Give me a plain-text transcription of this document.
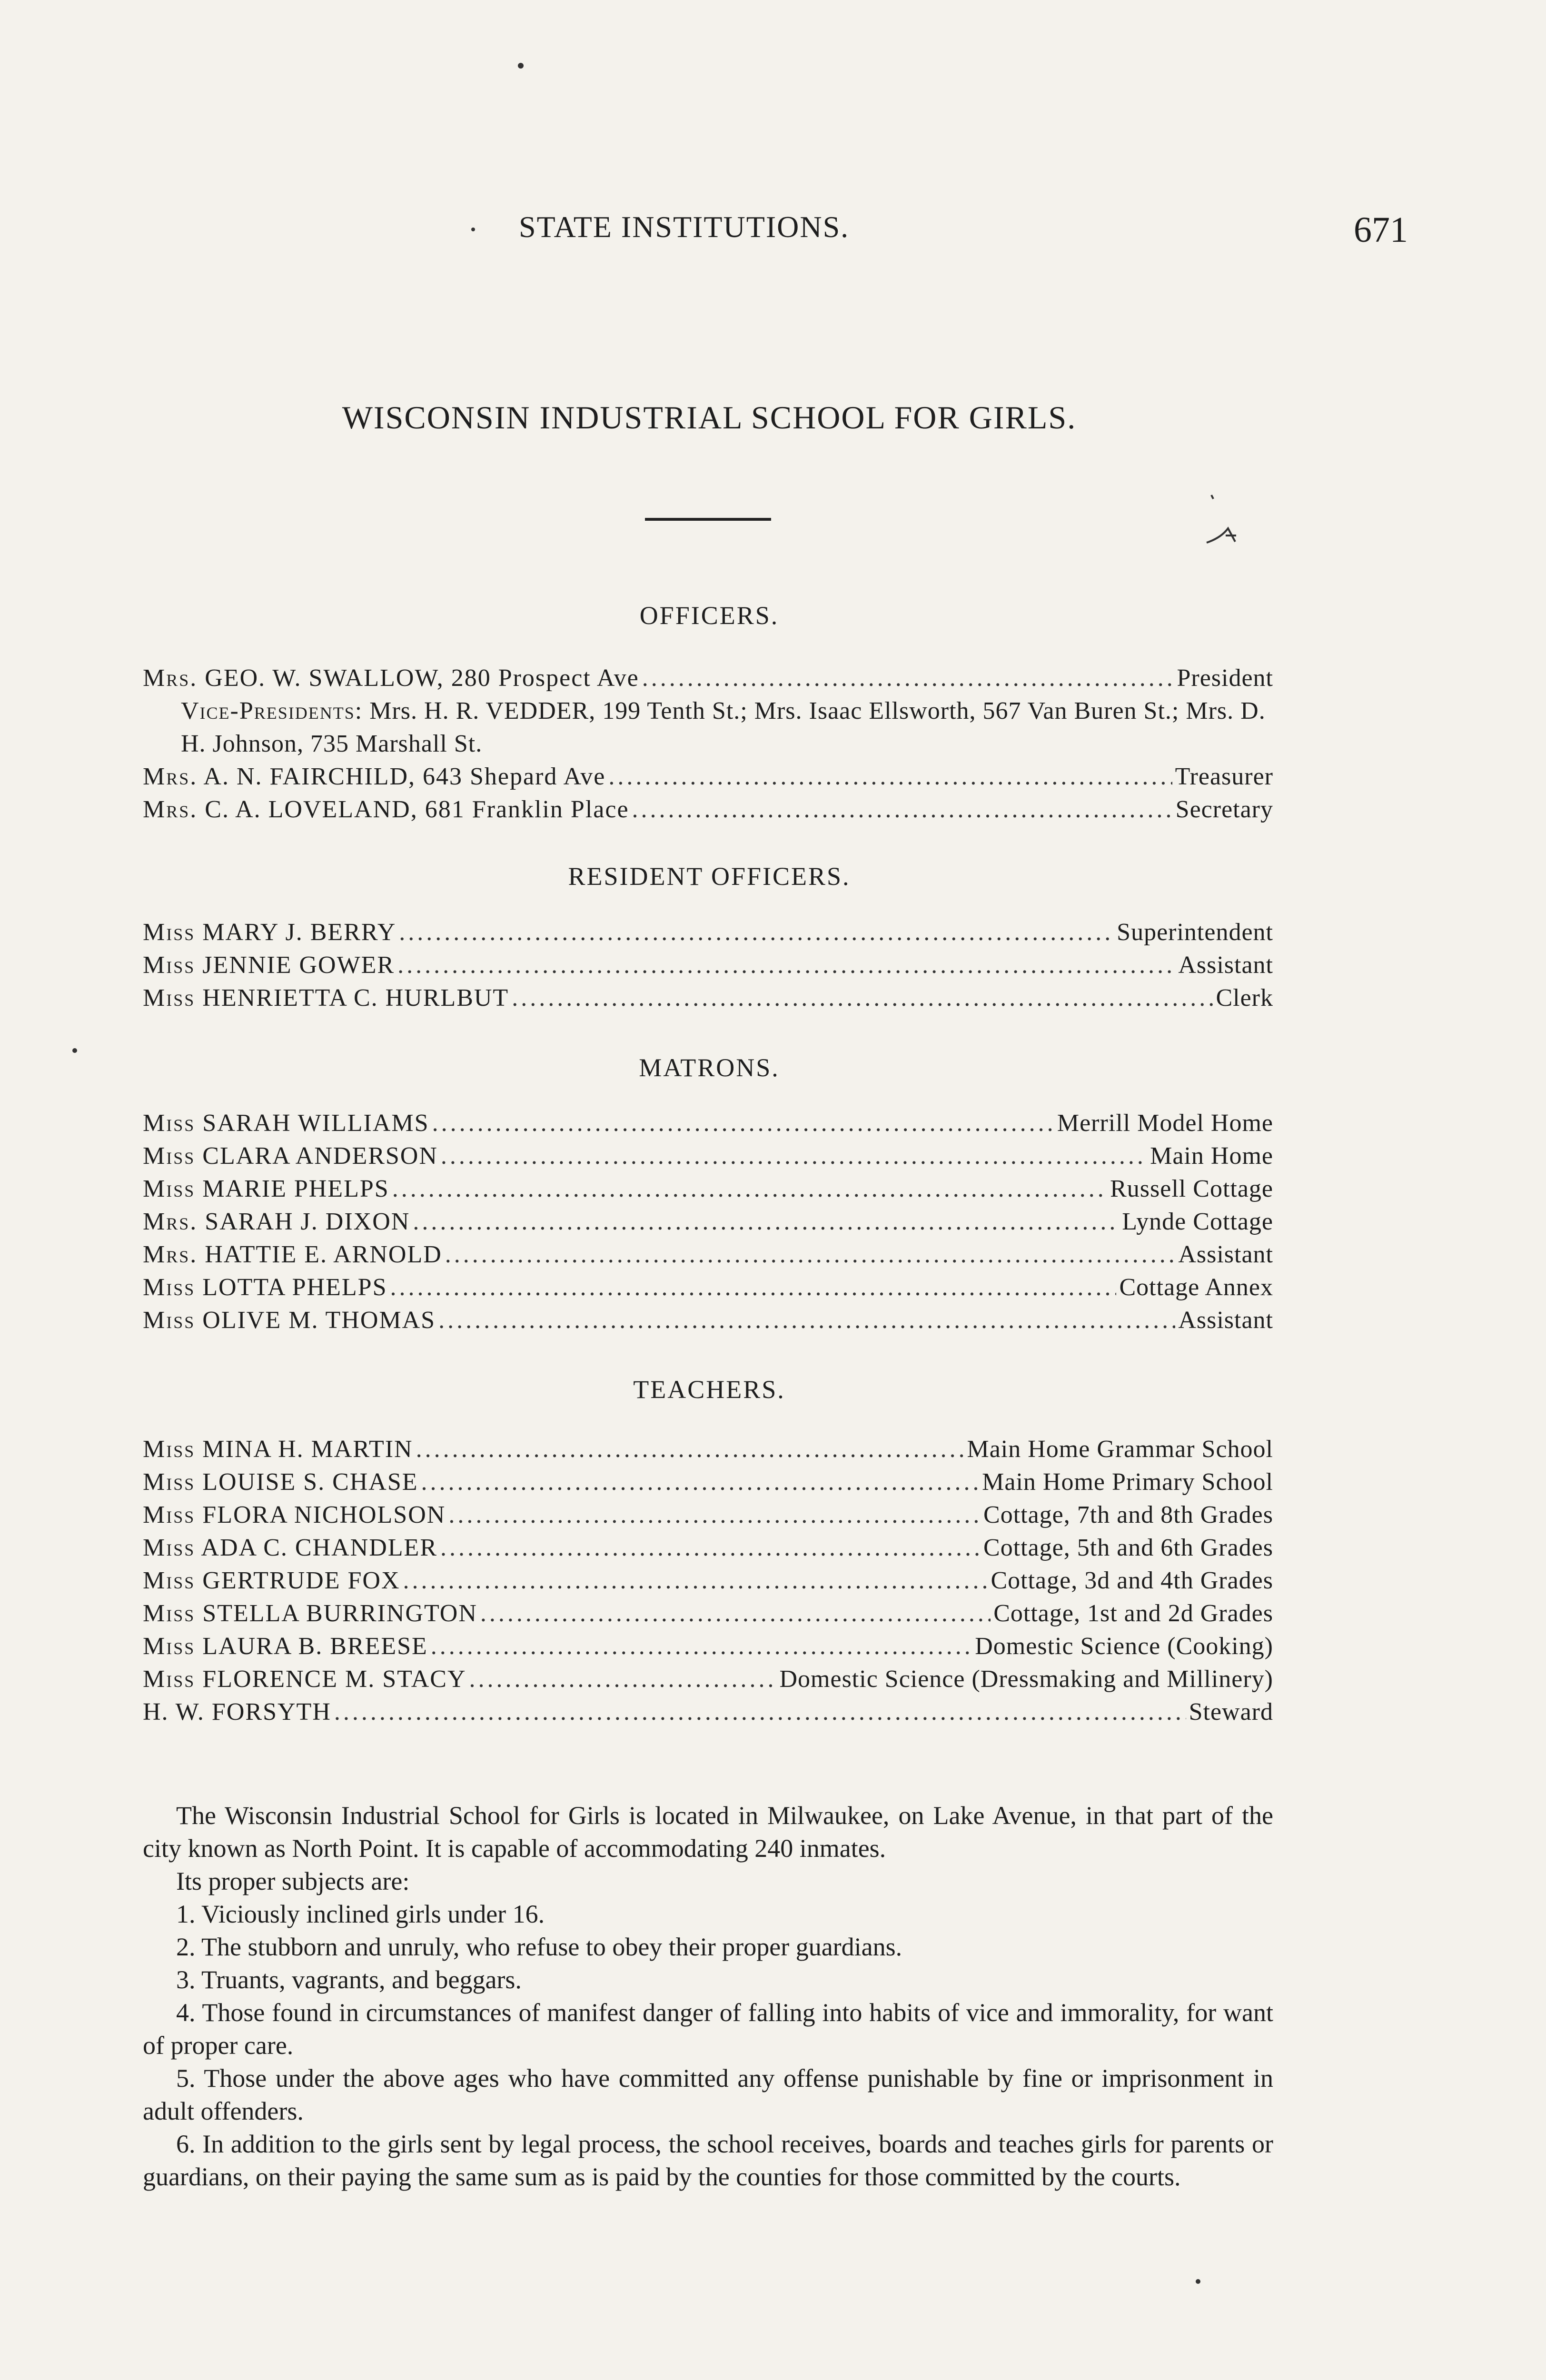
STATE INSTITUTIONS.	671
WISCONSIN INDUSTRIAL SCHOOL FOR GIRLS.
OFFICERS.
Mrs. GEO. W. SWALLOW, 280 Prospect Ave .....	President
Vice-Presidents: Mrs. H. R. VEDDER, 199 Tenth St.; Mrs. Isaac Ellsworth, 567 Van Buren St.; Mrs. D. H. Johnson, 735 Marshall St.
Mrs. A. N. FAIRCHILD, 643 Shepard Ave .....	Treasurer
Mrs. C. A. LOVELAND, 681 Franklin Place .....	Secretary
RESIDENT OFFICERS.
Miss MARY J. BERRY .....	Superintendent
Miss JENNIE GOWER .....	Assistant
Miss HENRIETTA C. HURLBUT .....	Clerk
MATRONS.
Miss SARAH WILLIAMS .....	Merrill Model Home
Miss CLARA ANDERSON .....	Main Home
Miss MARIE PHELPS .....	Russell Cottage
Mrs. SARAH J. DIXON .....	Lynde Cottage
Mrs. HATTIE E. ARNOLD .....	Assistant
Miss LOTTA PHELPS .....	Cottage Annex
Miss OLIVE M. THOMAS .....	Assistant
TEACHERS.
Miss MINA H. MARTIN .....	Main Home Grammar School
Miss LOUISE S. CHASE .....	Main Home Primary School
Miss FLORA NICHOLSON .....	Cottage, 7th and 8th Grades
Miss ADA C. CHANDLER .....	Cottage, 5th and 6th Grades
Miss GERTRUDE FOX .....	Cottage, 3d and 4th Grades
Miss STELLA BURRINGTON .....	Cottage, 1st and 2d Grades
Miss LAURA B. BREESE .....	Domestic Science (Cooking)
Miss FLORENCE M. STACY .....	Domestic Science (Dressmaking and Millinery)
H. W. FORSYTH .....	Steward

The Wisconsin Industrial School for Girls is located in Milwaukee, on Lake Avenue, in that part of the city known as North Point. It is capable of accommodating 240 inmates.

Its proper subjects are:

1. Viciously inclined girls under 16.

2. The stubborn and unruly, who refuse to obey their proper guardians.

3. Truants, vagrants, and beggars.

4. Those found in circumstances of manifest danger of falling into habits of vice and immorality, for want of proper care.

5. Those under the above ages who have committed any offense punishable by fine or imprisonment in adult offenders.

6. In addition to the girls sent by legal process, the school receives, boards and teaches girls for parents or guardians, on their paying the same sum as is paid by the counties for those committed by the courts.
